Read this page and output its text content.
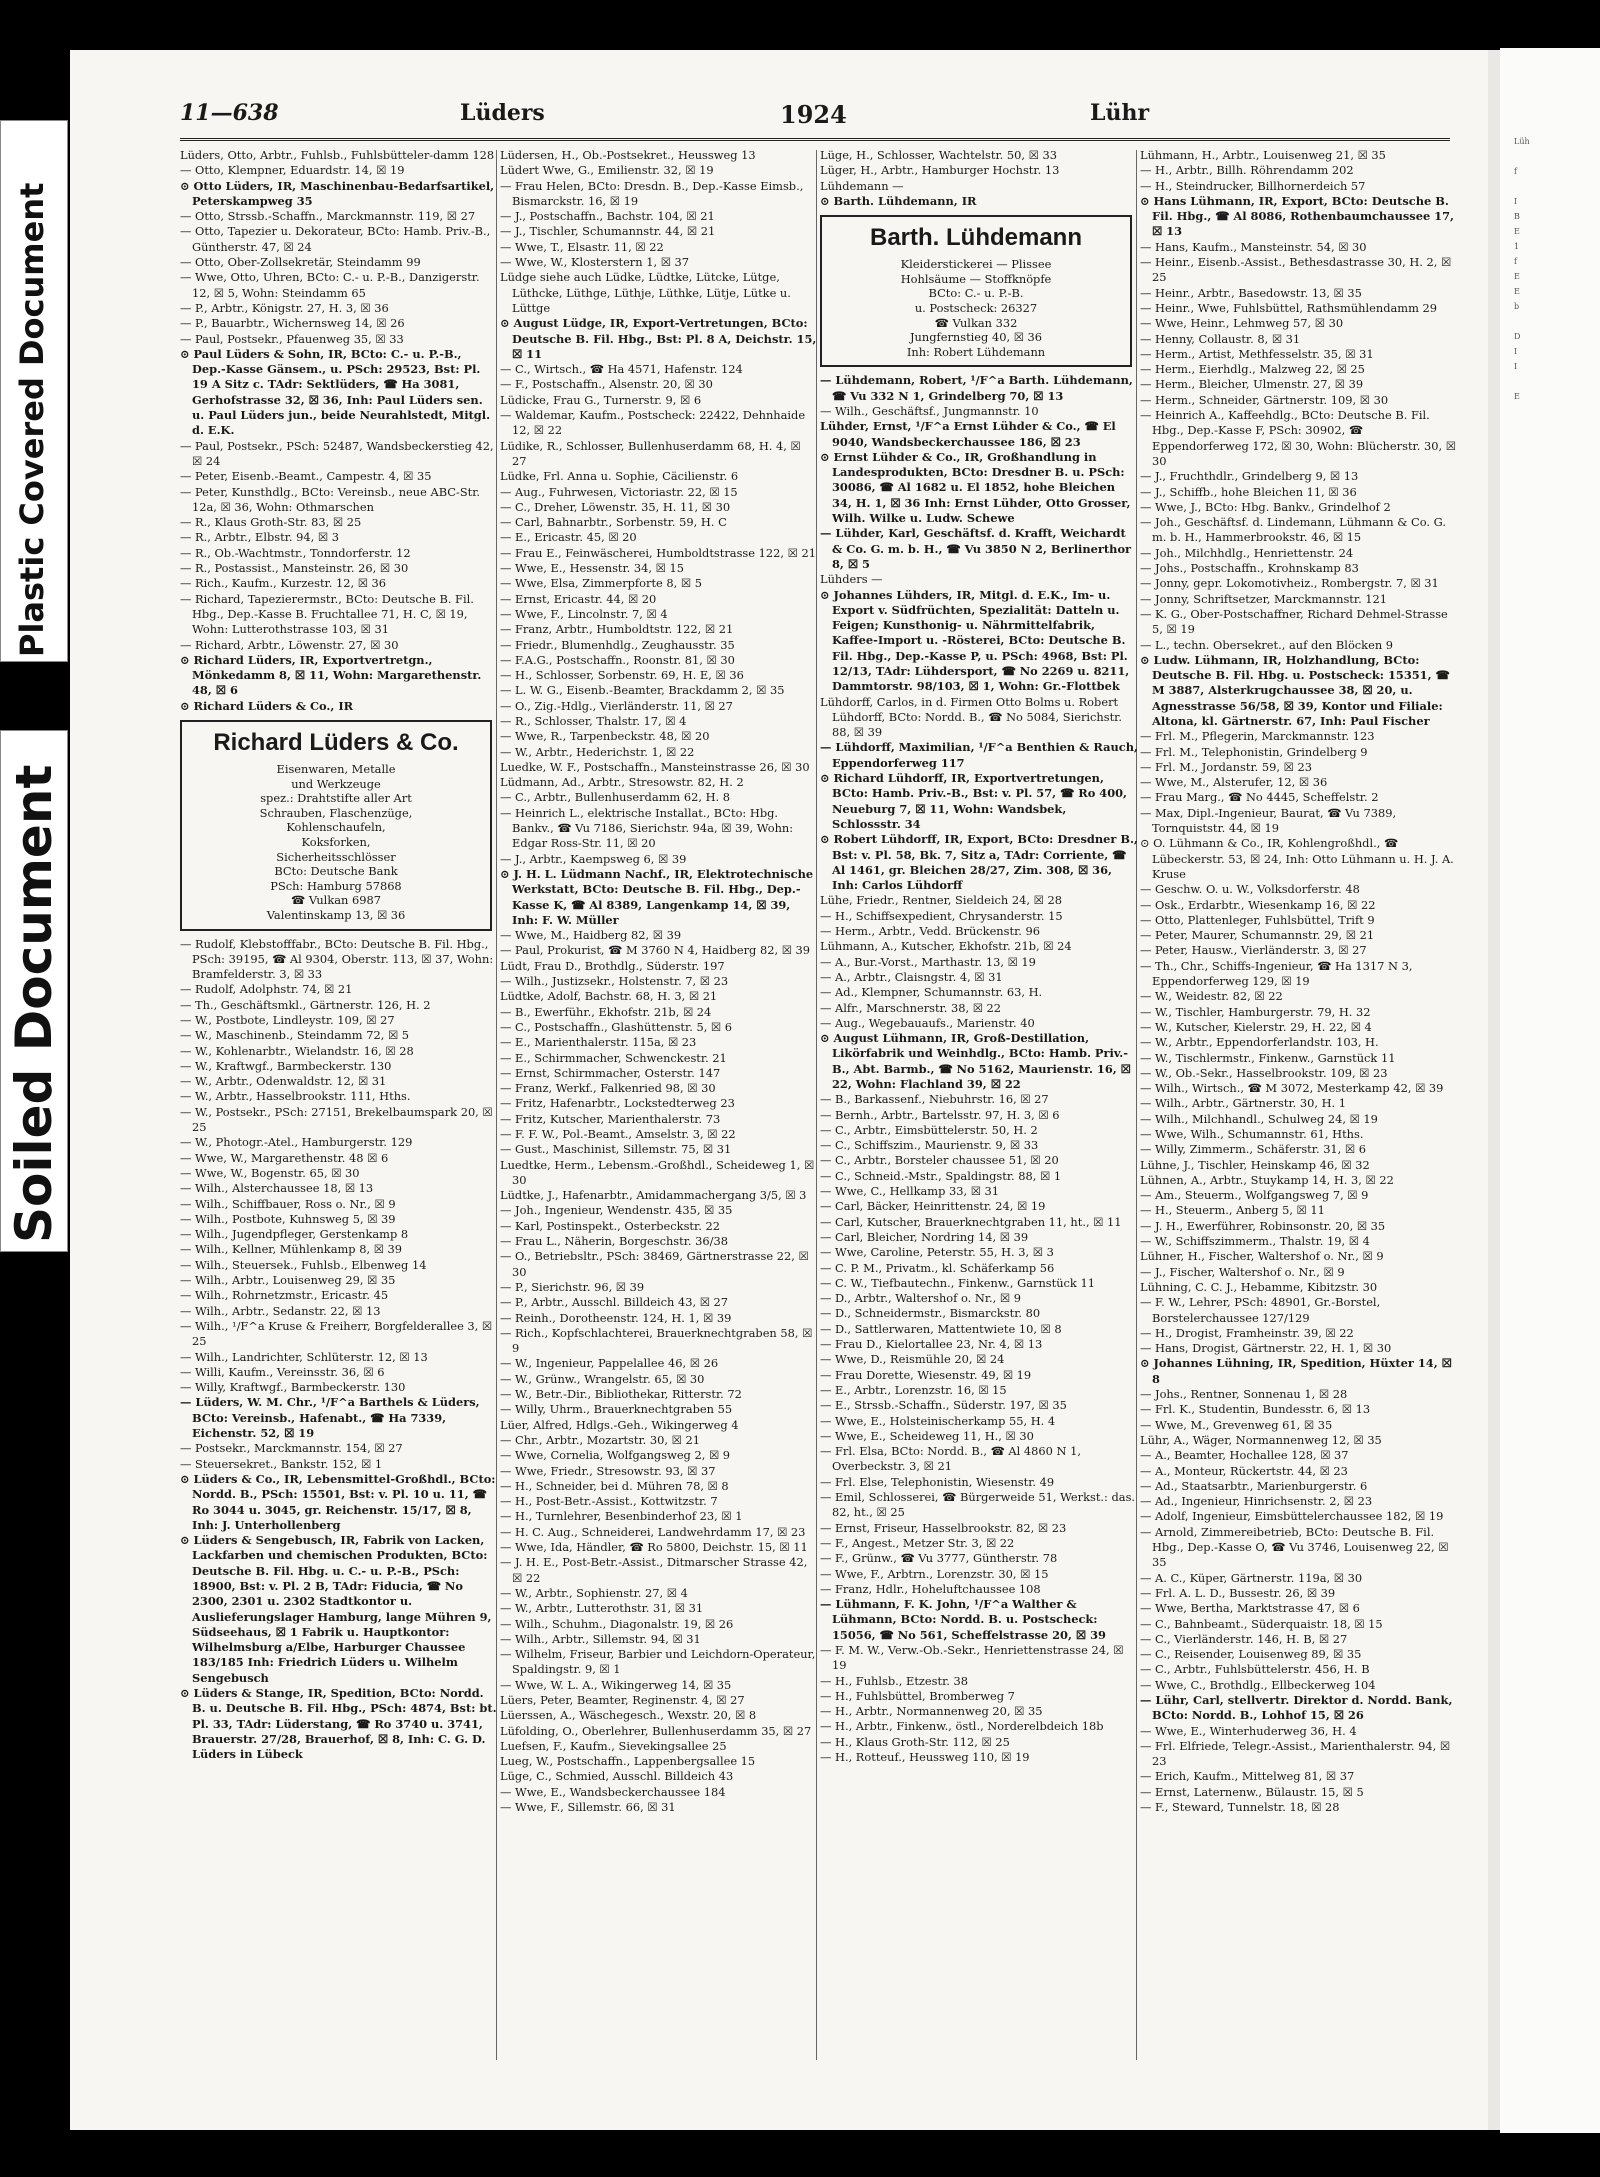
Lüh

f

I
B
E
1
f
E
E
b

D
I
I

E
Plastic Covered Document
Soiled Document
11—638	Lüders	1924	Lühr

Lüders, Otto, Arbtr., Fuhlsb., Fuhlsbütteler-damm 128

— Otto, Klempner, Eduardstr. 14, ☒ 19

⊙ Otto Lüders, IR, Maschinenbau-Bedarfsartikel, Peterskampweg 35

— Otto, Strssb.-Schaffn., Marckmannstr. 119, ☒ 27

— Otto, Tapezier u. Dekorateur, BCto: Hamb. Priv.-B., Güntherstr. 47, ☒ 24

— Otto, Ober-Zollsekretär, Steindamm 99

— Wwe, Otto, Uhren, BCto: C.- u. P.-B., Danzigerstr. 12, ☒ 5, Wohn: Steindamm 65

— P., Arbtr., Königstr. 27, H. 3, ☒ 36

— P., Bauarbtr., Wichernsweg 14, ☒ 26

— Paul, Postsekr., Pfauenweg 35, ☒ 33

⊙ Paul Lüders & Sohn, IR, BCto: C.- u. P.-B., Dep.-Kasse Gänsem., u. PSch: 29523, Bst: Pl. 19 A Sitz c. TAdr: Sektlüders, ☎ Ha 3081, Gerhofstrasse 32, ☒ 36, Inh: Paul Lüders sen. u. Paul Lüders jun., beide Neurahlstedt, Mitgl. d. E.K.

— Paul, Postsekr., PSch: 52487, Wandsbeckerstieg 42, ☒ 24

— Peter, Eisenb.-Beamt., Campestr. 4, ☒ 35

— Peter, Kunsthdlg., BCto: Vereinsb., neue ABC-Str. 12a, ☒ 36, Wohn: Othmarschen

— R., Klaus Groth-Str. 83, ☒ 25

— R., Arbtr., Elbstr. 94, ☒ 3

— R., Ob.-Wachtmstr., Tonndorferstr. 12

— R., Postassist., Mansteinstr. 26, ☒ 30

— Rich., Kaufm., Kurzestr. 12, ☒ 36

— Richard, Tapezierermstr., BCto: Deutsche B. Fil. Hbg., Dep.-Kasse B. Fruchtallee 71, H. C, ☒ 19, Wohn: Lutterothstrasse 103, ☒ 31

— Richard, Arbtr., Löwenstr. 27, ☒ 30

⊙ Richard Lüders, IR, Exportvertretgn., Mönkedamm 8, ☒ 11, Wohn: Margarethenstr. 48, ☒ 6

⊙ Richard Lüders & Co., IR

Richard Lüders & Co.
Eisenwaren, Metalle
und Werkzeuge
spez.: Drahtstifte aller Art
Schrauben, Flaschenzüge,
Kohlenschaufeln,
Koksforken,
Sicherheitsschlösser
BCto: Deutsche Bank
PSch: Hamburg 57868
☎ Vulkan 6987
Valentinskamp 13, ☒ 36

— Rudolf, Klebstofffabr., BCto: Deutsche B. Fil. Hbg., PSch: 39195, ☎ Al 9304, Oberstr. 113, ☒ 37, Wohn: Bramfelderstr. 3, ☒ 33

— Rudolf, Adolphstr. 74, ☒ 21

— Th., Geschäftsmkl., Gärtnerstr. 126, H. 2

— W., Postbote, Lindleystr. 109, ☒ 27

— W., Maschinenb., Steindamm 72, ☒ 5

— W., Kohlenarbtr., Wielandstr. 16, ☒ 28

— W., Kraftwgf., Barmbeckerstr. 130

— W., Arbtr., Odenwaldstr. 12, ☒ 31

— W., Arbtr., Hasselbrookstr. 111, Hths.

— W., Postsekr., PSch: 27151, Brekelbaumspark 20, ☒ 25

— W., Photogr.-Atel., Hamburgerstr. 129

— Wwe, W., Margarethenstr. 48 ☒ 6

— Wwe, W., Bogenstr. 65, ☒ 30

— Wilh., Alsterchaussee 18, ☒ 13

— Wilh., Schiffbauer, Ross o. Nr., ☒ 9

— Wilh., Postbote, Kuhnsweg 5, ☒ 39

— Wilh., Jugendpfleger, Gerstenkamp 8

— Wilh., Kellner, Mühlenkamp 8, ☒ 39

— Wilh., Steuersek., Fuhlsb., Elbenweg 14

— Wilh., Arbtr., Louisenweg 29, ☒ 35

— Wilh., Rohrnetzmstr., Ericastr. 45

— Wilh., Arbtr., Sedanstr. 22, ☒ 13

— Wilh., ¹/F^a Kruse & Freiherr, Borgfelderallee 3, ☒ 25

— Wilh., Landrichter, Schlüterstr. 12, ☒ 13

— Willi, Kaufm., Vereinsstr. 36, ☒ 6

— Willy, Kraftwgf., Barmbeckerstr. 130

— Lüders, W. M. Chr., ¹/F^a Barthels & Lüders, BCto: Vereinsb., Hafenabt., ☎ Ha 7339, Eichenstr. 52, ☒ 19

— Postsekr., Marckmannstr. 154, ☒ 27

— Steuersekret., Bankstr. 152, ☒ 1

⊙ Lüders & Co., IR, Lebensmittel-Großhdl., BCto: Nordd. B., PSch: 15501, Bst: v. Pl. 10 u. 11, ☎ Ro 3044 u. 3045, gr. Reichenstr. 15/17, ☒ 8, Inh: J. Unterhollenberg

⊙ Lüders & Sengebusch, IR, Fabrik von Lacken, Lackfarben und chemischen Produkten, BCto: Deutsche B. Fil. Hbg. u. C.- u. P.-B., PSch: 18900, Bst: v. Pl. 2 B, TAdr: Fiducia, ☎ No 2300, 2301 u. 2302 Stadtkontor u. Auslieferungslager Hamburg, lange Mühren 9, Südseehaus, ☒ 1 Fabrik u. Hauptkontor: Wilhelmsburg a/Elbe, Harburger Chaussee 183/185 Inh: Friedrich Lüders u. Wilhelm Sengebusch

⊙ Lüders & Stange, IR, Spedition, BCto: Nordd. B. u. Deutsche B. Fil. Hbg., PSch: 4874, Bst: bt. Pl. 33, TAdr: Lüderstang, ☎ Ro 3740 u. 3741, Brauerstr. 27/28, Brauerhof, ☒ 8, Inh: C. G. D. Lüders in Lübeck

Lüdersen, H., Ob.-Postsekret., Heussweg 13

Lüdert Wwe, G., Emilienstr. 32, ☒ 19

— Frau Helen, BCto: Dresdn. B., Dep.-Kasse Eimsb., Bismarckstr. 16, ☒ 19

— J., Postschaffn., Bachstr. 104, ☒ 21

— J., Tischler, Schumannstr. 44, ☒ 21

— Wwe, T., Elsastr. 11, ☒ 22

— Wwe, W., Klosterstern 1, ☒ 37

Lüdge siehe auch Lüdke, Lüdtke, Lütcke, Lütge, Lüthcke, Lüthge, Lüthje, Lüthke, Lütje, Lütke u. Lüttge

⊙ August Lüdge, IR, Export-Vertretungen, BCto: Deutsche B. Fil. Hbg., Bst: Pl. 8 A, Deichstr. 15, ☒ 11

— C., Wirtsch., ☎ Ha 4571, Hafenstr. 124

— F., Postschaffn., Alsenstr. 20, ☒ 30

Lüdicke, Frau G., Turnerstr. 9, ☒ 6

— Waldemar, Kaufm., Postscheck: 22422, Dehnhaide 12, ☒ 22

Lüdike, R., Schlosser, Bullenhuserdamm 68, H. 4, ☒ 27

Lüdke, Frl. Anna u. Sophie, Cäcilienstr. 6

— Aug., Fuhrwesen, Victoriastr. 22, ☒ 15

— C., Dreher, Löwenstr. 35, H. 11, ☒ 30

— Carl, Bahnarbtr., Sorbenstr. 59, H. C

— E., Ericastr. 45, ☒ 20

— Frau E., Feinwäscherei, Humboldtstrasse 122, ☒ 21

— Wwe, E., Hessenstr. 34, ☒ 15

— Wwe, Elsa, Zimmerpforte 8, ☒ 5

— Ernst, Ericastr. 44, ☒ 20

— Wwe, F., Lincolnstr. 7, ☒ 4

— Franz, Arbtr., Humboldtstr. 122, ☒ 21

— Friedr., Blumenhdlg., Zeughausstr. 35

— F.A.G., Postschaffn., Roonstr. 81, ☒ 30

— H., Schlosser, Sorbenstr. 69, H. E, ☒ 36

— L. W. G., Eisenb.-Beamter, Brackdamm 2, ☒ 35

— O., Zig.-Hdlg., Vierländerstr. 11, ☒ 27

— R., Schlosser, Thalstr. 17, ☒ 4

— Wwe, R., Tarpenbeckstr. 48, ☒ 20

— W., Arbtr., Hederichstr. 1, ☒ 22

Luedke, W. F., Postschaffn., Mansteinstrasse 26, ☒ 30

Lüdmann, Ad., Arbtr., Stresowstr. 82, H. 2

— C., Arbtr., Bullenhuserdamm 62, H. 8

— Heinrich L., elektrische Installat., BCto: Hbg. Bankv., ☎ Vu 7186, Sierichstr. 94a, ☒ 39, Wohn: Edgar Ross-Str. 11, ☒ 20

— J., Arbtr., Kaempsweg 6, ☒ 39

⊙ J. H. L. Lüdmann Nachf., IR, Elektrotechnische Werkstatt, BCto: Deutsche B. Fil. Hbg., Dep.-Kasse K, ☎ Al 8389, Langenkamp 14, ☒ 39, Inh: F. W. Müller

— Wwe, M., Haidberg 82, ☒ 39

— Paul, Prokurist, ☎ M 3760 N 4, Haidberg 82, ☒ 39

Lüdt, Frau D., Brothdlg., Süderstr. 197

— Wilh., Justizsekr., Holstenstr. 7, ☒ 23

Lüdtke, Adolf, Bachstr. 68, H. 3, ☒ 21

— B., Ewerführ., Ekhofstr. 21b, ☒ 24

— C., Postschaffn., Glashüttenstr. 5, ☒ 6

— E., Marienthalerstr. 115a, ☒ 23

— E., Schirmmacher, Schwenckestr. 21

— Ernst, Schirmmacher, Osterstr. 147

— Franz, Werkf., Falkenried 98, ☒ 30

— Fritz, Hafenarbtr., Lockstedterweg 23

— Fritz, Kutscher, Marienthalerstr. 73

— F. F. W., Pol.-Beamt., Amselstr. 3, ☒ 22

— Gust., Maschinist, Sillemstr. 75, ☒ 31

Luedtke, Herm., Lebensm.-Großhdl., Scheideweg 1, ☒ 30

Lüdtke, J., Hafenarbtr., Amidammachergang 3/5, ☒ 3

— Joh., Ingenieur, Wendenstr. 435, ☒ 35

— Karl, Postinspekt., Osterbeckstr. 22

— Frau L., Näherin, Borgeschstr. 36/38

— O., Betriebsltr., PSch: 38469, Gärtnerstrasse 22, ☒ 30

— P., Sierichstr. 96, ☒ 39

— P., Arbtr., Ausschl. Billdeich 43, ☒ 27

— Reinh., Dorotheenstr. 124, H. 1, ☒ 39

— Rich., Kopfschlachterei, Brauerknechtgraben 58, ☒ 9

— W., Ingenieur, Pappelallee 46, ☒ 26

— W., Grünw., Wrangelstr. 65, ☒ 30

— W., Betr.-Dir., Bibliothekar, Ritterstr. 72

— Willy, Uhrm., Brauerknechtgraben 55

Lüer, Alfred, Hdlgs.-Geh., Wikingerweg 4

— Chr., Arbtr., Mozartstr. 30, ☒ 21

— Wwe, Cornelia, Wolfgangsweg 2, ☒ 9

— Wwe, Friedr., Stresowstr. 93, ☒ 37

— H., Schneider, bei d. Mühren 78, ☒ 8

— H., Post-Betr.-Assist., Kottwitzstr. 7

— H., Turnlehrer, Besenbinderhof 23, ☒ 1

— H. C. Aug., Schneiderei, Landwehrdamm 17, ☒ 23

— Wwe, Ida, Händler, ☎ Ro 5800, Deichstr. 15, ☒ 11

— J. H. E., Post-Betr.-Assist., Ditmarscher Strasse 42, ☒ 22

— W., Arbtr., Sophienstr. 27, ☒ 4

— W., Arbtr., Lutterothstr. 31, ☒ 31

— Wilh., Schuhm., Diagonalstr. 19, ☒ 26

— Wilh., Arbtr., Sillemstr. 94, ☒ 31

— Wilhelm, Friseur, Barbier und Leichdorn-Operateur, Spaldingstr. 9, ☒ 1

— Wwe, W. L. A., Wikingerweg 14, ☒ 35

Lüers, Peter, Beamter, Reginenstr. 4, ☒ 27

Lüerssen, A., Wäschegesch., Wexstr. 20, ☒ 8

Lüfolding, O., Oberlehrer, Bullenhuserdamm 35, ☒ 27

Luefsen, F., Kaufm., Sievekingsallee 25

Lueg, W., Postschaffn., Lappenbergsallee 15

Lüge, C., Schmied, Ausschl. Billdeich 43

— Wwe, E., Wandsbeckerchaussee 184

— Wwe, F., Sillemstr. 66, ☒ 31

Lüge, H., Schlosser, Wachtelstr. 50, ☒ 33

Lüger, H., Arbtr., Hamburger Hochstr. 13

Lühdemann —

⊙ Barth. Lühdemann, IR

Barth. Lühdemann
Kleiderstickerei — Plissee
Hohlsäume — Stoffknöpfe
BCto: C.- u. P.-B.
u. Postscheck: 26327
☎ Vulkan 332
Jungfernstieg 40, ☒ 36
Inh: Robert Lühdemann

— Lühdemann, Robert, ¹/F^a Barth. Lühdemann, ☎ Vu 332 N 1, Grindelberg 70, ☒ 13

— Wilh., Geschäftsf., Jungmannstr. 10

Lühder, Ernst, ¹/F^a Ernst Lühder & Co., ☎ El 9040, Wandsbeckerchaussee 186, ☒ 23

⊙ Ernst Lühder & Co., IR, Großhandlung in Landesprodukten, BCto: Dresdner B. u. PSch: 30086, ☎ Al 1682 u. El 1852, hohe Bleichen 34, H. 1, ☒ 36 Inh: Ernst Lühder, Otto Grosser, Wilh. Wilke u. Ludw. Schewe

— Lühder, Karl, Geschäftsf. d. Krafft, Weichardt & Co. G. m. b. H., ☎ Vu 3850 N 2, Berlinerthor 8, ☒ 5

Lühders —

⊙ Johannes Lühders, IR, Mitgl. d. E.K., Im- u. Export v. Südfrüchten, Spezialität: Datteln u. Feigen; Kunsthonig- u. Nährmittelfabrik, Kaffee-Import u. -Rösterei, BCto: Deutsche B. Fil. Hbg., Dep.-Kasse P, u. PSch: 4968, Bst: Pl. 12/13, TAdr: Lühdersport, ☎ No 2269 u. 8211, Dammtorstr. 98/103, ☒ 1, Wohn: Gr.-Flottbek

Lühdorff, Carlos, in d. Firmen Otto Bolms u. Robert Lühdorff, BCto: Nordd. B., ☎ No 5084, Sierichstr. 88, ☒ 39

— Lühdorff, Maximilian, ¹/F^a Benthien & Rauch, Eppendorferweg 117

⊙ Richard Lühdorff, IR, Exportvertretungen, BCto: Hamb. Priv.-B., Bst: v. Pl. 57, ☎ Ro 400, Neueburg 7, ☒ 11, Wohn: Wandsbek, Schlossstr. 34

⊙ Robert Lühdorff, IR, Export, BCto: Dresdner B., Bst: v. Pl. 58, Bk. 7, Sitz a, TAdr: Corriente, ☎ Al 1461, gr. Bleichen 28/27, Zim. 308, ☒ 36, Inh: Carlos Lühdorff

Lühe, Friedr., Rentner, Sieldeich 24, ☒ 28

— H., Schiffsexpedient, Chrysanderstr. 15

— Herm., Arbtr., Vedd. Brückenstr. 96

Lühmann, A., Kutscher, Ekhofstr. 21b, ☒ 24

— A., Bur.-Vorst., Marthastr. 13, ☒ 19

— A., Arbtr., Claisngstr. 4, ☒ 31

— Ad., Klempner, Schumannstr. 63, H.

— Alfr., Marschnerstr. 38, ☒ 22

— Aug., Wegebauaufs., Marienstr. 40

⊙ August Lühmann, IR, Groß-Destillation, Likörfabrik und Weinhdlg., BCto: Hamb. Priv.-B., Abt. Barmb., ☎ No 5162, Maurienstr. 16, ☒ 22, Wohn: Flachland 39, ☒ 22

— B., Barkassenf., Niebuhrstr. 16, ☒ 27

— Bernh., Arbtr., Bartelsstr. 97, H. 3, ☒ 6

— C., Arbtr., Eimsbüttelerstr. 50, H. 2

— C., Schiffszim., Maurienstr. 9, ☒ 33

— C., Arbtr., Borsteler chaussee 51, ☒ 20

— C., Schneid.-Mstr., Spaldingstr. 88, ☒ 1

— Wwe, C., Hellkamp 33, ☒ 31

— Carl, Bäcker, Heinrittenstr. 24, ☒ 19

— Carl, Kutscher, Brauerknechtgraben 11, ht., ☒ 11

— Carl, Bleicher, Nordring 14, ☒ 39

— Wwe, Caroline, Peterstr. 55, H. 3, ☒ 3

— C. P. M., Privatm., kl. Schäferkamp 56

— C. W., Tiefbautechn., Finkenw., Garnstück 11

— D., Arbtr., Waltershof o. Nr., ☒ 9

— D., Schneidermstr., Bismarckstr. 80

— D., Sattlerwaren, Mattentwiete 10, ☒ 8

— Frau D., Kielortallee 23, Nr. 4, ☒ 13

— Wwe, D., Reismühle 20, ☒ 24

— Frau Dorette, Wiesenstr. 49, ☒ 19

— E., Arbtr., Lorenzstr. 16, ☒ 15

— E., Strssb.-Schaffn., Süderstr. 197, ☒ 35

— Wwe, E., Holsteinischerkamp 55, H. 4

— Wwe, E., Scheideweg 11, H., ☒ 30

— Frl. Elsa, BCto: Nordd. B., ☎ Al 4860 N 1, Overbeckstr. 3, ☒ 21

— Frl. Else, Telephonistin, Wiesenstr. 49

— Emil, Schlosserei, ☎ Bürgerweide 51, Werkst.: das. 82, ht., ☒ 25

— Ernst, Friseur, Hasselbrookstr. 82, ☒ 23

— F., Angest., Metzer Str. 3, ☒ 22

— F., Grünw., ☎ Vu 3777, Güntherstr. 78

— Wwe, F., Arbtrn., Lorenzstr. 30, ☒ 15

— Franz, Hdlr., Hoheluftchaussee 108

— Lühmann, F. K. John, ¹/F^a Walther & Lühmann, BCto: Nordd. B. u. Postscheck: 15056, ☎ No 561, Scheffelstrasse 20, ☒ 39

— F. M. W., Verw.-Ob.-Sekr., Henriettenstrasse 24, ☒ 19

— H., Fuhlsb., Etzestr. 38

— H., Fuhlsbüttel, Bromberweg 7

— H., Arbtr., Normannenweg 20, ☒ 35

— H., Arbtr., Finkenw., östl., Norderelbdeich 18b

— H., Klaus Groth-Str. 112, ☒ 25

— H., Rotteuf., Heussweg 110, ☒ 19

Lühmann, H., Arbtr., Louisenweg 21, ☒ 35

— H., Arbtr., Billh. Röhrendamm 202

— H., Steindrucker, Billhornerdeich 57

⊙ Hans Lühmann, IR, Export, BCto: Deutsche B. Fil. Hbg., ☎ Al 8086, Rothenbaumchaussee 17, ☒ 13

— Hans, Kaufm., Mansteinstr. 54, ☒ 30

— Heinr., Eisenb.-Assist., Bethesdastrasse 30, H. 2, ☒ 25

— Heinr., Arbtr., Basedowstr. 13, ☒ 35

— Heinr., Wwe, Fuhlsbüttel, Rathsmühlendamm 29

— Wwe, Heinr., Lehmweg 57, ☒ 30

— Henny, Collaustr. 8, ☒ 31

— Herm., Artist, Methfesselstr. 35, ☒ 31

— Herm., Eierhdlg., Malzweg 22, ☒ 25

— Herm., Bleicher, Ulmenstr. 27, ☒ 39

— Herm., Schneider, Gärtnerstr. 109, ☒ 30

— Heinrich A., Kaffeehdlg., BCto: Deutsche B. Fil. Hbg., Dep.-Kasse F, PSch: 30902, ☎ Eppendorferweg 172, ☒ 30, Wohn: Blücherstr. 30, ☒ 30

— J., Fruchthdlr., Grindelberg 9, ☒ 13

— J., Schiffb., hohe Bleichen 11, ☒ 36

— Wwe, J., BCto: Hbg. Bankv., Grindelhof 2

— Joh., Geschäftsf. d. Lindemann, Lühmann & Co. G. m. b. H., Hammerbrookstr. 46, ☒ 15

— Joh., Milchhdlg., Henriettenstr. 24

— Johs., Postschaffn., Krohnskamp 83

— Jonny, gepr. Lokomotivheiz., Rombergstr. 7, ☒ 31

— Jonny, Schriftsetzer, Marckmannstr. 121

— K. G., Ober-Postschaffner, Richard Dehmel-Strasse 5, ☒ 19

— L., techn. Obersekret., auf den Blöcken 9

⊙ Ludw. Lühmann, IR, Holzhandlung, BCto: Deutsche B. Fil. Hbg. u. Postscheck: 15351, ☎ M 3887, Alsterkrugchaussee 38, ☒ 20, u. Agnesstrasse 56/58, ☒ 39, Kontor und Filiale: Altona, kl. Gärtnerstr. 67, Inh: Paul Fischer

— Frl. M., Pflegerin, Marckmannstr. 123

— Frl. M., Telephonistin, Grindelberg 9

— Frl. M., Jordanstr. 59, ☒ 23

— Wwe, M., Alsterufer, 12, ☒ 36

— Frau Marg., ☎ No 4445, Scheffelstr. 2

— Max, Dipl.-Ingenieur, Baurat, ☎ Vu 7389, Tornquiststr. 44, ☒ 19

⊙ O. Lühmann & Co., IR, Kohlengroßhdl., ☎ Lübeckerstr. 53, ☒ 24, Inh: Otto Lühmann u. H. J. A. Kruse

— Geschw. O. u. W., Volksdorferstr. 48

— Osk., Erdarbtr., Wiesenkamp 16, ☒ 22

— Otto, Plattenleger, Fuhlsbüttel, Trift 9

— Peter, Maurer, Schumannstr. 29, ☒ 21

— Peter, Hausw., Vierländerstr. 3, ☒ 27

— Th., Chr., Schiffs-Ingenieur, ☎ Ha 1317 N 3, Eppendorferweg 129, ☒ 19

— W., Weidestr. 82, ☒ 22

— W., Tischler, Hamburgerstr. 79, H. 32

— W., Kutscher, Kielerstr. 29, H. 22, ☒ 4

— W., Arbtr., Eppendorferlandstr. 103, H.

— W., Tischlermstr., Finkenw., Garnstück 11

— W., Ob.-Sekr., Hasselbrookstr. 109, ☒ 23

— Wilh., Wirtsch., ☎ M 3072, Mesterkamp 42, ☒ 39

— Wilh., Arbtr., Gärtnerstr. 30, H. 1

— Wilh., Milchhandl., Schulweg 24, ☒ 19

— Wwe, Wilh., Schumannstr. 61, Hths.

— Willy, Zimmerm., Schäferstr. 31, ☒ 6

Lühne, J., Tischler, Heinskamp 46, ☒ 32

Lühnen, A., Arbtr., Stuykamp 14, H. 3, ☒ 22

— Am., Steuerm., Wolfgangsweg 7, ☒ 9

— H., Steuerm., Anberg 5, ☒ 11

— J. H., Ewerführer, Robinsonstr. 20, ☒ 35

— W., Schiffszimmerm., Thalstr. 19, ☒ 4

Lühner, H., Fischer, Waltershof o. Nr., ☒ 9

— J., Fischer, Waltershof o. Nr., ☒ 9

Lühning, C. C. J., Hebamme, Kibitzstr. 30

— F. W., Lehrer, PSch: 48901, Gr.-Borstel, Borstelerchaussee 127/129

— H., Drogist, Framheinstr. 39, ☒ 22

— Hans, Drogist, Gärtnerstr. 22, H. 1, ☒ 30

⊙ Johannes Lühning, IR, Spedition, Hüxter 14, ☒ 8

— Johs., Rentner, Sonnenau 1, ☒ 28

— Frl. K., Studentin, Bundesstr. 6, ☒ 13

— Wwe, M., Grevenweg 61, ☒ 35

Lühr, A., Wäger, Normannenweg 12, ☒ 35

— A., Beamter, Hochallee 128, ☒ 37

— A., Monteur, Rückertstr. 44, ☒ 23

— Ad., Staatsarbtr., Marienburgerstr. 6

— Ad., Ingenieur, Hinrichsenstr. 2, ☒ 23

— Adolf, Ingenieur, Eimsbüttelerchaussee 182, ☒ 19

— Arnold, Zimmereibetrieb, BCto: Deutsche B. Fil. Hbg., Dep.-Kasse O, ☎ Vu 3746, Louisenweg 22, ☒ 35

— A. C., Küper, Gärtnerstr. 119a, ☒ 30

— Frl. A. L. D., Bussestr. 26, ☒ 39

— Wwe, Bertha, Marktstrasse 47, ☒ 6

— C., Bahnbeamt., Süderquaistr. 18, ☒ 15

— C., Vierländerstr. 146, H. B, ☒ 27

— C., Reisender, Louisenweg 89, ☒ 35

— C., Arbtr., Fuhlsbüttelerstr. 456, H. B

— Wwe, C., Brothdlg., Ellbeckerweg 104

— Lühr, Carl, stellvertr. Direktor d. Nordd. Bank, BCto: Nordd. B., Lohhof 15, ☒ 26

— Wwe, E., Winterhuderweg 36, H. 4

— Frl. Elfriede, Telegr.-Assist., Marienthalerstr. 94, ☒ 23

— Erich, Kaufm., Mittelweg 81, ☒ 37

— Ernst, Laternenw., Bülaustr. 15, ☒ 5

— F., Steward, Tunnelstr. 18, ☒ 28
